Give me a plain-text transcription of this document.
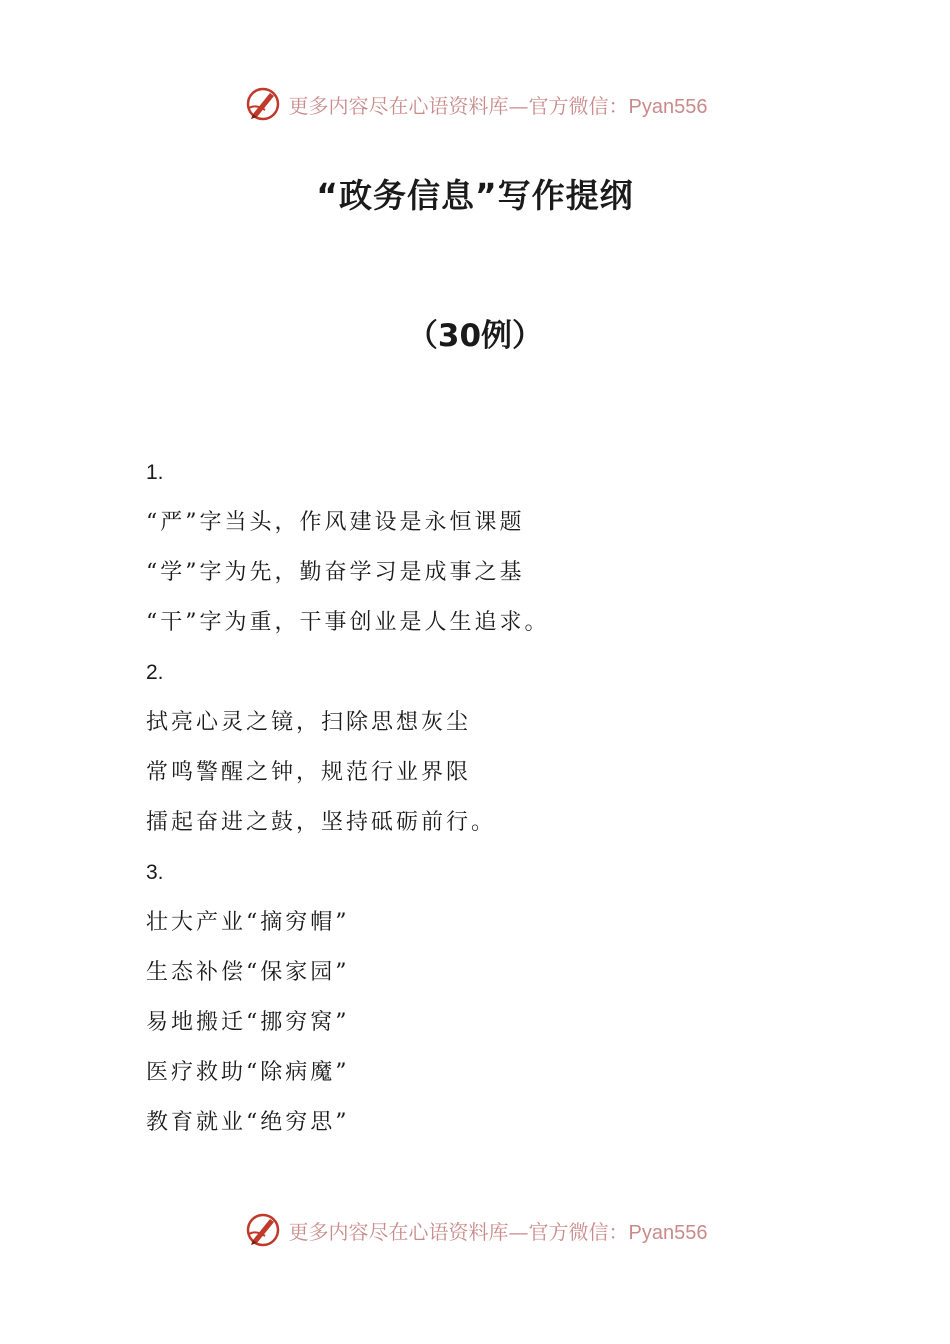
更多内容尽在心语资料库—官方微信：Pyan556
“政务信息”写作提纲
（30例）
1.
“严”字当头，作风建设是永恒课题
“学”字为先，勤奋学习是成事之基
“干”字为重，干事创业是人生追求。
2.
拭亮心灵之镜，扫除思想灰尘
常鸣警醒之钟，规范行业界限
擂起奋进之鼓，坚持砥砺前行。
3.
壮大产业“摘穷帽”
生态补偿“保家园”
易地搬迁“挪穷窝”
医疗救助“除病魔”
教育就业“绝穷思”
更多内容尽在心语资料库—官方微信：Pyan556
